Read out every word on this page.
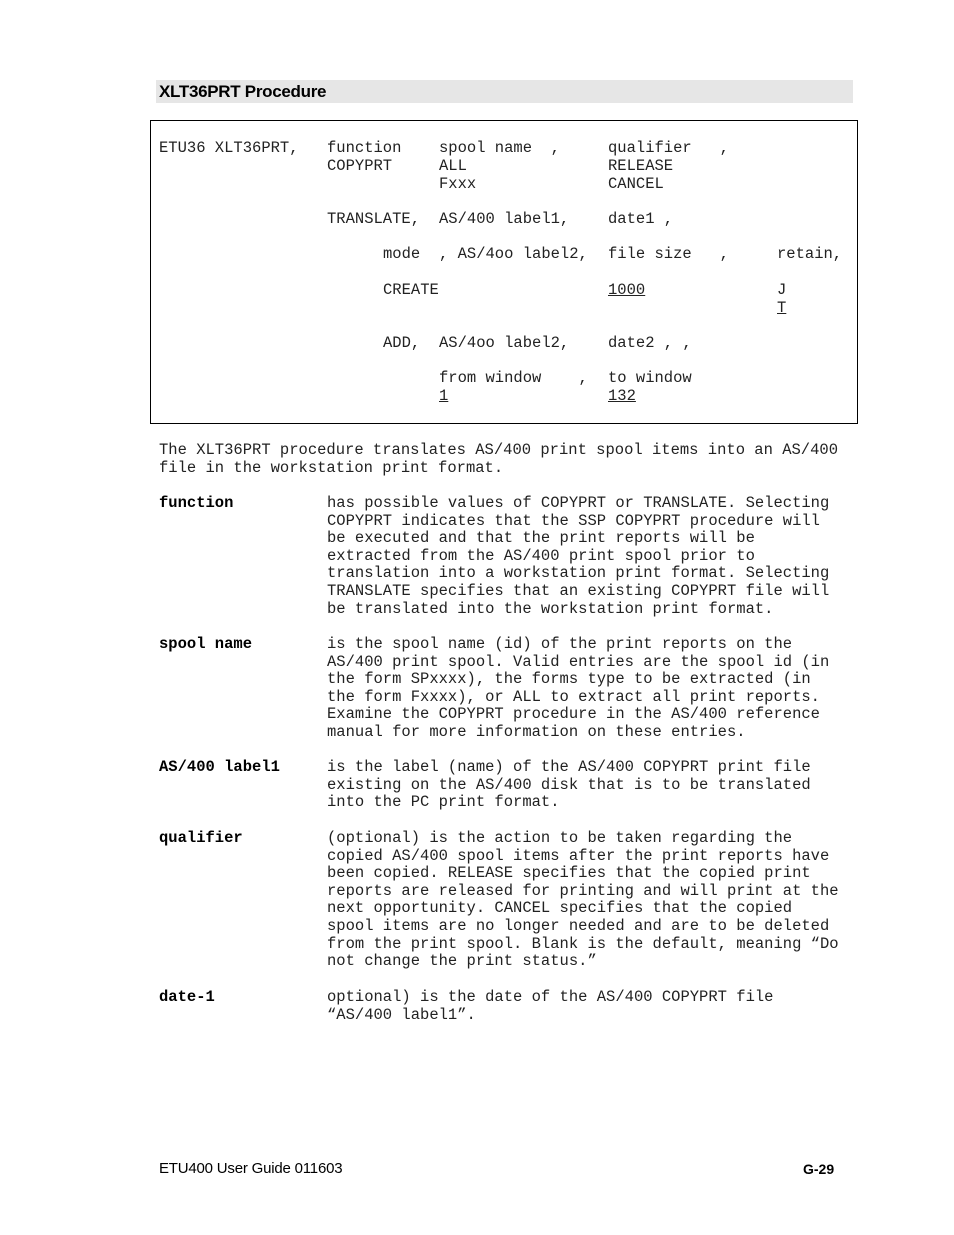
XLT36PRT Procedure
ETU36 XLT36PRT, function spool name  ,	qualifier   ,
COPYPRT	ALL	RELEASE
Fxxx	CANCEL
TRANSLATE, AS/400 label1,	date1 ,
mode , AS/4oo label2, file size   ,	retain,
CREATE	1000	J
T
ADD, AS/4oo label2,	date2 , ,
from window    , to window
1	132
The XLT36PRT procedure translates AS/400 print spool items into an AS/400
file in the workstation print format.
function	has possible values of COPYPRT or TRANSLATE. Selecting
COPYPRT indicates that the SSP COPYPRT procedure will
be executed and that the print reports will be
extracted from the AS/400 print spool prior to
translation into a workstation print format. Selecting
TRANSLATE specifies that an existing COPYPRT file will
be translated into the workstation print format.
spool name	is the spool name (id) of the print reports on the
AS/400 print spool. Valid entries are the spool id (in
the form SPxxxx), the forms type to be extracted (in
the form Fxxxx), or ALL to extract all print reports.
Examine the COPYPRT procedure in the AS/400 reference
manual for more information on these entries.
AS/400 label1	is the label (name) of the AS/400 COPYPRT print file
existing on the AS/400 disk that is to be translated
into the PC print format.
qualifier	(optional) is the action to be taken regarding the
copied AS/400 spool items after the print reports have
been copied. RELEASE specifies that the copied print
reports are released for printing and will print at the
next opportunity. CANCEL specifies that the copied
spool items are no longer needed and are to be deleted
from the print spool. Blank is the default, meaning “Do
not change the print status.”
date-1	optional) is the date of the AS/400 COPYPRT file
“AS/400 label1”.
ETU400 User Guide 011603	G-29
